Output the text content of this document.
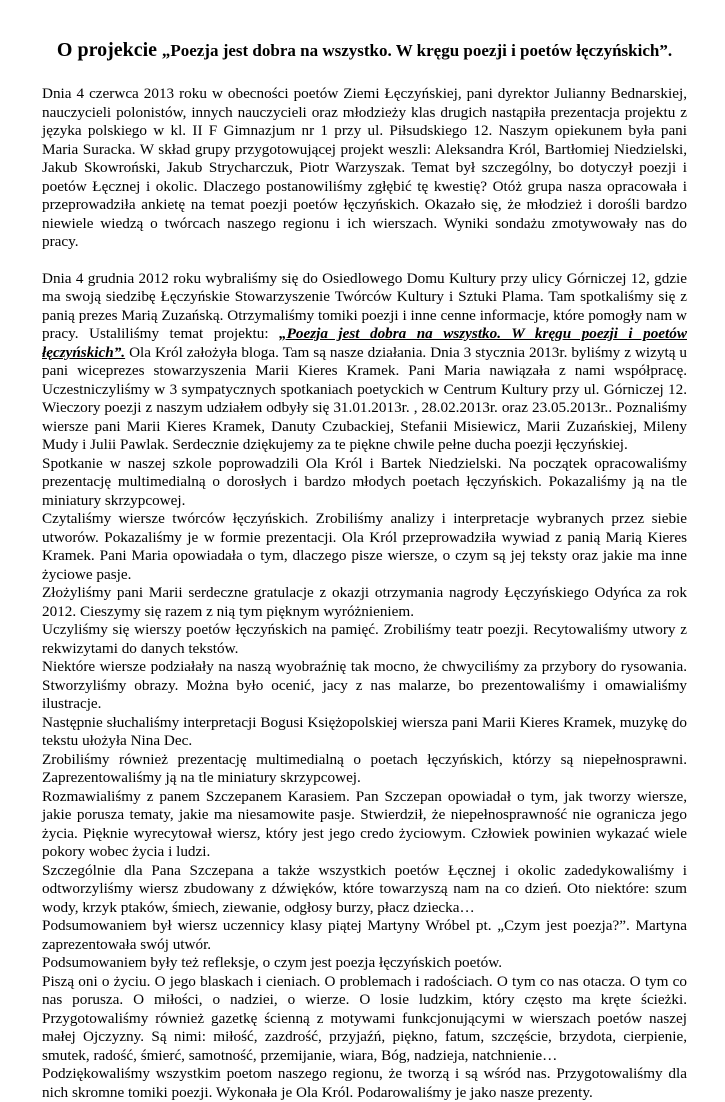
O projekcie „Poezja jest dobra na wszystko. W kręgu poezji i poetów łęczyńskich”.

Dnia 4 czerwca 2013 roku w obecności poetów Ziemi Łęczyńskiej, pani dyrektor Julianny Bednarskiej, nauczycieli polonistów, innych nauczycieli oraz młodzieży klas drugich nastąpiła prezentacja projektu z języka polskiego w kl. II F Gimnazjum nr 1 przy ul. Piłsudskiego 12. Naszym opiekunem była pani Maria Suracka. W skład grupy przygotowującej projekt weszli: Aleksandra Król, Bartłomiej Niedzielski, Jakub Skowroński, Jakub Strycharczuk, Piotr Warzyszak. Temat był szczególny, bo dotyczył poezji i poetów Łęcznej i okolic. Dlaczego postanowiliśmy zgłębić tę kwestię? Otóż grupa nasza opracowała i przeprowadziła ankietę na temat poezji poetów łęczyńskich. Okazało się, że młodzież i dorośli bardzo niewiele wiedzą o twórcach naszego regionu i ich wierszach. Wyniki sondażu zmotywowały nas do pracy.

Dnia 4 grudnia 2012 roku wybraliśmy się do Osiedlowego Domu Kultury przy ulicy Górniczej 12, gdzie ma swoją siedzibę Łęczyńskie Stowarzyszenie Twórców Kultury i Sztuki Plama. Tam spotkaliśmy się z panią prezes Marią Zuzańską. Otrzymaliśmy tomiki poezji i inne cenne informacje, które pomogły nam w pracy. Ustaliliśmy temat projektu: „Poezja jest dobra na wszystko. W kręgu poezji i poetów łęczyńskich”. Ola Król założyła bloga. Tam są nasze działania. Dnia 3 stycznia 2013r. byliśmy z wizytą u pani wiceprezes stowarzyszenia Marii Kieres Kramek. Pani Maria nawiązała z nami współpracę. Uczestniczyliśmy w 3 sympatycznych spotkaniach poetyckich w Centrum Kultury przy ul. Górniczej 12. Wieczory poezji z naszym udziałem odbyły się 31.01.2013r. , 28.02.2013r. oraz 23.05.2013r.. Poznaliśmy wiersze pani Marii Kieres Kramek, Danuty Czubackiej, Stefanii Misiewicz, Marii Zuzańskiej, Mileny Mudy i Julii Pawlak. Serdecznie dziękujemy za te piękne chwile pełne ducha poezji łęczyńskiej.

Spotkanie w naszej szkole poprowadzili Ola Król i Bartek Niedzielski. Na początek opracowaliśmy prezentację multimedialną o dorosłych i bardzo młodych poetach łęczyńskich. Pokazaliśmy ją na tle miniatury skrzypcowej.

Czytaliśmy wiersze twórców łęczyńskich. Zrobiliśmy analizy i interpretacje wybranych przez siebie utworów. Pokazaliśmy je w formie prezentacji. Ola Król przeprowadziła wywiad z panią Marią Kieres Kramek. Pani Maria opowiadała o tym, dlaczego pisze wiersze, o czym są jej teksty oraz jakie ma inne życiowe pasje.

Złożyliśmy pani Marii serdeczne gratulacje z okazji otrzymania nagrody Łęczyńskiego Odyńca za rok 2012. Cieszymy się razem z nią tym pięknym wyróżnieniem.

Uczyliśmy się wierszy poetów łęczyńskich na pamięć. Zrobiliśmy teatr poezji. Recytowaliśmy utwory z rekwizytami do danych tekstów.

Niektóre wiersze podziałały na naszą wyobraźnię tak mocno, że chwyciliśmy za przybory do rysowania. Stworzyliśmy obrazy. Można było ocenić, jacy z nas malarze, bo prezentowaliśmy i omawialiśmy ilustracje.

Następnie słuchaliśmy interpretacji Bogusi Księżopolskiej wiersza pani Marii Kieres Kramek, muzykę do tekstu ułożyła Nina Dec.

Zrobiliśmy również prezentację multimedialną o poetach łęczyńskich, którzy są niepełnosprawni. Zaprezentowaliśmy ją na tle miniatury skrzypcowej.

Rozmawialiśmy z panem Szczepanem Karasiem. Pan Szczepan opowiadał o tym, jak tworzy wiersze, jakie porusza tematy, jakie ma niesamowite pasje. Stwierdził, że niepełnosprawność nie ogranicza jego życia. Pięknie wyrecytował wiersz, który jest jego credo życiowym. Człowiek powinien wykazać wiele pokory wobec życia i ludzi.

Szczególnie dla Pana Szczepana a także wszystkich poetów Łęcznej i okolic zadedykowaliśmy i odtworzyliśmy wiersz zbudowany z dźwięków, które towarzyszą nam na co dzień. Oto niektóre: szum wody, krzyk ptaków, śmiech, ziewanie, odgłosy burzy, płacz dziecka…

Podsumowaniem był wiersz uczennicy klasy piątej Martyny Wróbel pt. „Czym jest poezja?”. Martyna zaprezentowała swój utwór.

Podsumowaniem były też refleksje, o czym jest poezja łęczyńskich poetów.

Piszą oni o życiu. O jego blaskach i cieniach. O problemach i radościach. O tym co nas otacza. O tym co nas porusza. O miłości, o nadziei, o wierze. O losie ludzkim, który często ma kręte ścieżki. Przygotowaliśmy również gazetkę ścienną z motywami funkcjonującymi w wierszach poetów naszej małej Ojczyzny. Są nimi: miłość, zazdrość, przyjaźń, piękno, fatum, szczęście, brzydota, cierpienie, smutek, radość, śmierć, samotność, przemijanie, wiara, Bóg, nadzieja, natchnienie…

Podziękowaliśmy wszystkim poetom naszego regionu, że tworzą i są wśród nas. Przygotowaliśmy dla nich skromne tomiki poezji. Wykonała je Ola Król. Podarowaliśmy je jako nasze prezenty.
